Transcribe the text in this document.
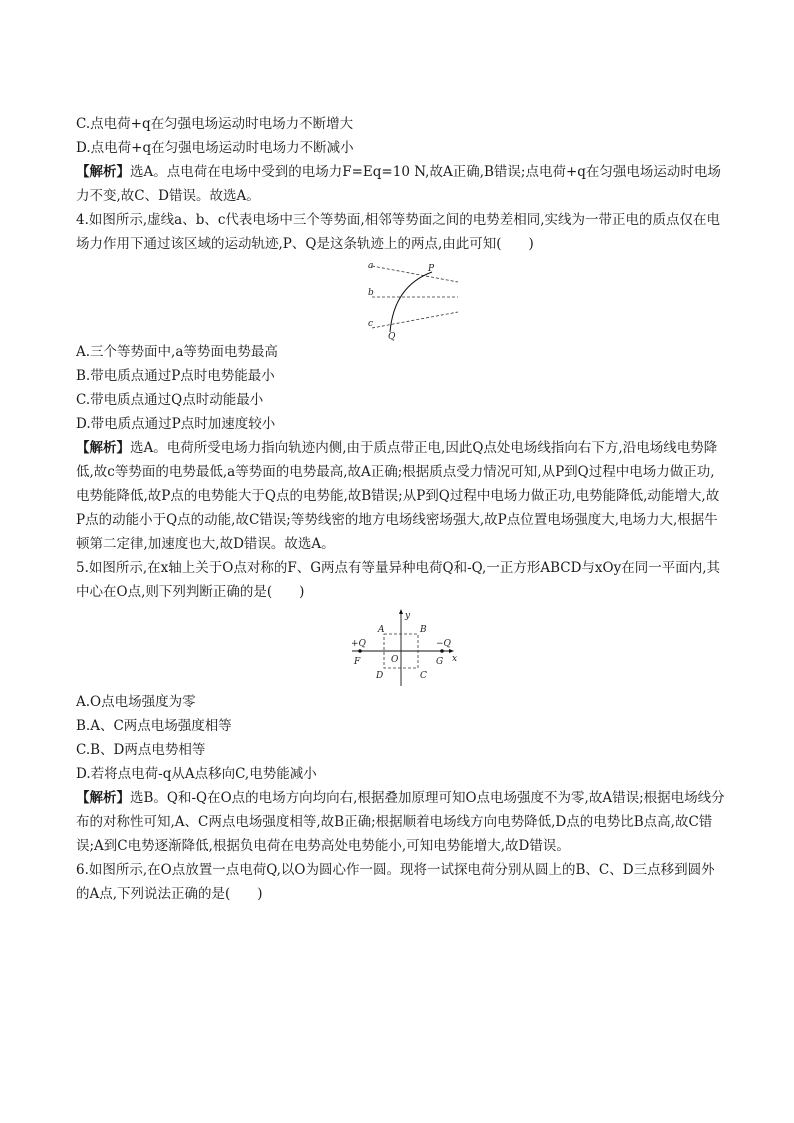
C.点电荷+q在匀强电场运动时电场力不断增大

D.点电荷+q在匀强电场运动时电场力不断减小

【解析】选A。点电荷在电场中受到的电场力F=Eq=10 N,故A正确,B错误;点电荷+q在匀强电场运动时电场力不变,故C、D错误。故选A。

4.如图所示,虚线a、b、c代表电场中三个等势面,相邻等势面之间的电势差相同,实线为一带正电的质点仅在电场力作用下通过该区域的运动轨迹,P、Q是这条轨迹上的两点,由此可知(　　)

a
b
c
P
Q

A.三个等势面中,a等势面电势最高

B.带电质点通过P点时电势能最小

C.带电质点通过Q点时动能最小

D.带电质点通过P点时加速度较小

【解析】选A。电荷所受电场力指向轨迹内侧,由于质点带正电,因此Q点处电场线指向右下方,沿电场线电势降低,故c等势面的电势最低,a等势面的电势最高,故A正确;根据质点受力情况可知,从P到Q过程中电场力做正功,电势能降低,故P点的电势能大于Q点的电势能,故B错误;从P到Q过程中电场力做正功,电势能降低,动能增大,故P点的动能小于Q点的动能,故C错误;等势线密的地方电场线密场强大,故P点位置电场强度大,电场力大,根据牛顿第二定律,加速度也大,故D错误。故选A。

5.如图所示,在x轴上关于O点对称的F、G两点有等量异种电荷Q和-Q,一正方形ABCD与xOy在同一平面内,其中心在O点,则下列判断正确的是(　　)

y
x
O
A	B
C
D
F	G
+Q	−Q

A.O点电场强度为零

B.A、C两点电场强度相等

C.B、D两点电势相等

D.若将点电荷-q从A点移向C,电势能减小

【解析】选B。Q和-Q在O点的电场方向均向右,根据叠加原理可知O点电场强度不为零,故A错误;根据电场线分布的对称性可知,A、C两点电场强度相等,故B正确;根据顺着电场线方向电势降低,D点的电势比B点高,故C错误;A到C电势逐渐降低,根据负电荷在电势高处电势能小,可知电势能增大,故D错误。

6.如图所示,在O点放置一点电荷Q,以O为圆心作一圆。现将一试探电荷分别从圆上的B、C、D三点移到圆外的A点,下列说法正确的是(　　)
